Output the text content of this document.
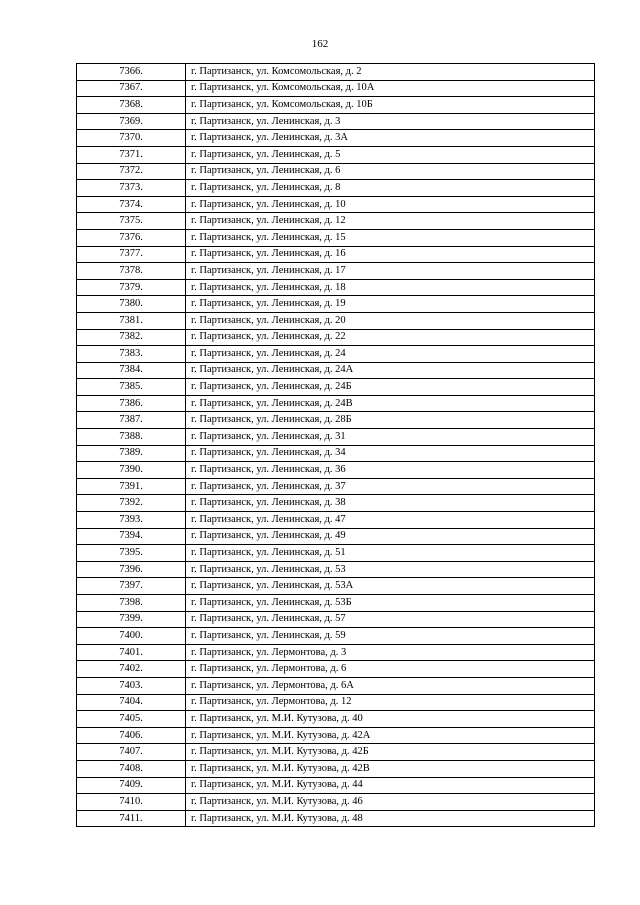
162
7366.	г. Партизанск, ул. Комсомольская, д. 2
7367.	г. Партизанск, ул. Комсомольская, д. 10А
7368.	г. Партизанск, ул. Комсомольская, д. 10Б
7369.	г. Партизанск, ул. Ленинская, д. 3
7370.	г. Партизанск, ул. Ленинская, д. 3А
7371.	г. Партизанск, ул. Ленинская, д. 5
7372.	г. Партизанск, ул. Ленинская, д. 6
7373.	г. Партизанск, ул. Ленинская, д. 8
7374.	г. Партизанск, ул. Ленинская, д. 10
7375.	г. Партизанск, ул. Ленинская, д. 12
7376.	г. Партизанск, ул. Ленинская, д. 15
7377.	г. Партизанск, ул. Ленинская, д. 16
7378.	г. Партизанск, ул. Ленинская, д. 17
7379.	г. Партизанск, ул. Ленинская, д. 18
7380.	г. Партизанск, ул. Ленинская, д. 19
7381.	г. Партизанск, ул. Ленинская, д. 20
7382.	г. Партизанск, ул. Ленинская, д. 22
7383.	г. Партизанск, ул. Ленинская, д. 24
7384.	г. Партизанск, ул. Ленинская, д. 24А
7385.	г. Партизанск, ул. Ленинская, д. 24Б
7386.	г. Партизанск, ул. Ленинская, д. 24В
7387.	г. Партизанск, ул. Ленинская, д. 28Б
7388.	г. Партизанск, ул. Ленинская, д. 31
7389.	г. Партизанск, ул. Ленинская, д. 34
7390.	г. Партизанск, ул. Ленинская, д. 36
7391.	г. Партизанск, ул. Ленинская, д. 37
7392.	г. Партизанск, ул. Ленинская, д. 38
7393.	г. Партизанск, ул. Ленинская, д. 47
7394.	г. Партизанск, ул. Ленинская, д. 49
7395.	г. Партизанск, ул. Ленинская, д. 51
7396.	г. Партизанск, ул. Ленинская, д. 53
7397.	г. Партизанск, ул. Ленинская, д. 53А
7398.	г. Партизанск, ул. Ленинская, д. 53Б
7399.	г. Партизанск, ул. Ленинская, д. 57
7400.	г. Партизанск, ул. Ленинская, д. 59
7401.	г. Партизанск, ул. Лермонтова, д. 3
7402.	г. Партизанск, ул. Лермонтова, д. 6
7403.	г. Партизанск, ул. Лермонтова, д. 6А
7404.	г. Партизанск, ул. Лермонтова, д. 12
7405.	г. Партизанск, ул. М.И. Кутузова, д. 40
7406.	г. Партизанск, ул. М.И. Кутузова, д. 42А
7407.	г. Партизанск, ул. М.И. Кутузова, д. 42Б
7408.	г. Партизанск, ул. М.И. Кутузова, д. 42В
7409.	г. Партизанск, ул. М.И. Кутузова, д. 44
7410.	г. Партизанск, ул. М.И. Кутузова, д. 46
7411.	г. Партизанск, ул. М.И. Кутузова, д. 48
